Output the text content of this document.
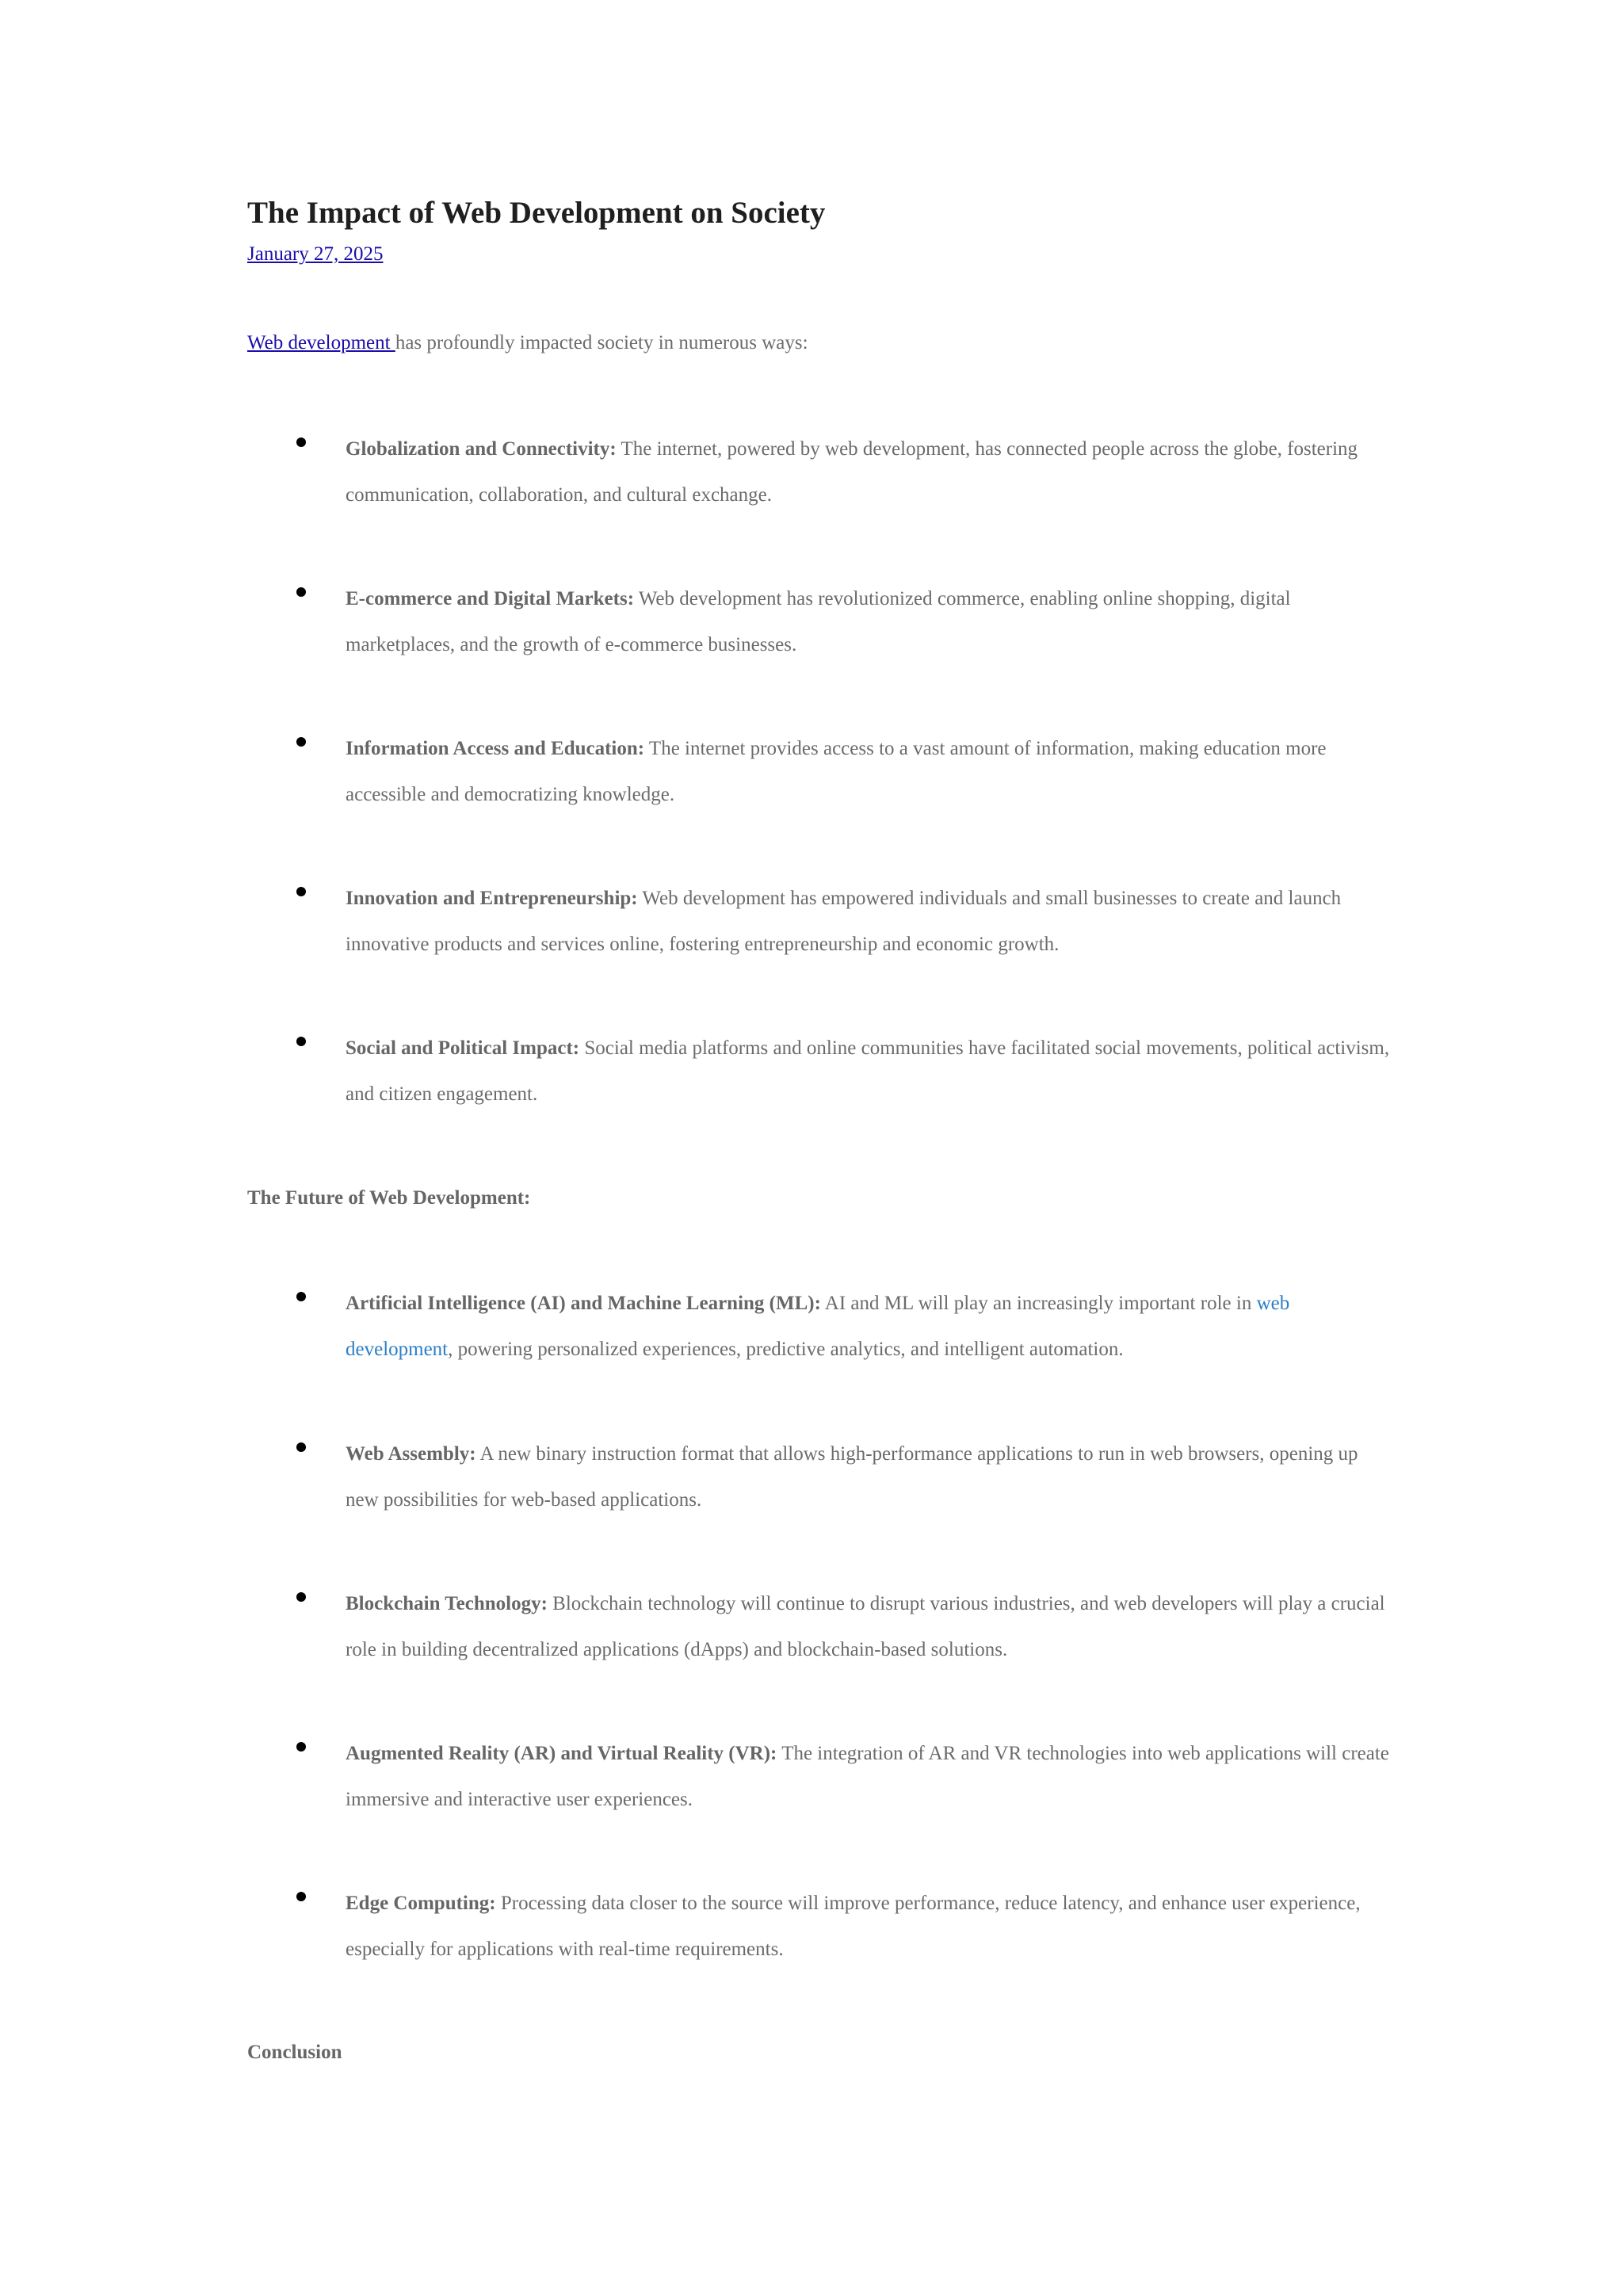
The Impact of Web Development on Society
January 27, 2025
Web development has profoundly impacted society in numerous ways:
Globalization and Connectivity: The internet, powered by web development, has connected people across the globe, fostering communication, collaboration, and cultural exchange.
E-commerce and Digital Markets: Web development has revolutionized commerce, enabling online shopping, digital marketplaces, and the growth of e-commerce businesses.
Information Access and Education: The internet provides access to a vast amount of information, making education more accessible and democratizing knowledge.
Innovation and Entrepreneurship: Web development has empowered individuals and small businesses to create and launch innovative products and services online, fostering entrepreneurship and economic growth.
Social and Political Impact: Social media platforms and online communities have facilitated social movements, political activism, and citizen engagement.
The Future of Web Development:
Artificial Intelligence (AI) and Machine Learning (ML): AI and ML will play an increasingly important role in web development, powering personalized experiences, predictive analytics, and intelligent automation.
Web Assembly: A new binary instruction format that allows high-performance applications to run in web browsers, opening up new possibilities for web-based applications.
Blockchain Technology: Blockchain technology will continue to disrupt various industries, and web developers will play a crucial role in building decentralized applications (dApps) and blockchain-based solutions.
Augmented Reality (AR) and Virtual Reality (VR): The integration of AR and VR technologies into web applications will create immersive and interactive user experiences.
Edge Computing: Processing data closer to the source will improve performance, reduce latency, and enhance user experience, especially for applications with real-time requirements.
Conclusion
